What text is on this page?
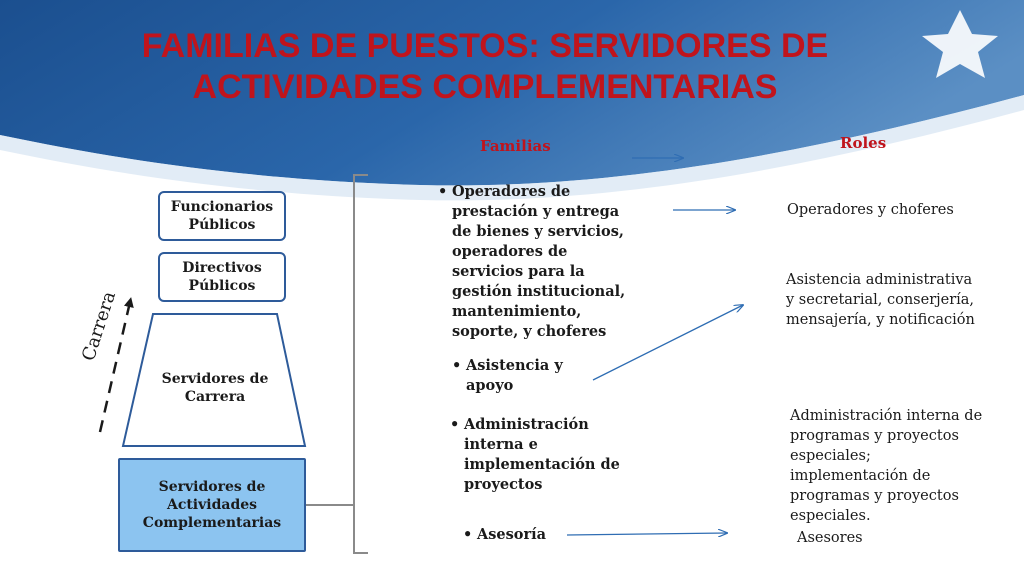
FAMILIAS DE PUESTOS: SERVIDORES DE
ACTIVIDADES COMPLEMENTARIAS
Familias	Roles
Funcionarios
Públicos
Directivos
Públicos
Servidores de
Carrera
Servidores de
Actividades
Complementarias
Carrera
• Operadores de
prestación y entrega
de bienes y servicios,
operadores de
servicios para la
gestión institucional,
mantenimiento,
soporte, y choferes
• Asistencia y
apoyo
• Administración
interna e
implementación de
proyectos
• Asesoría
Operadores y choferes
Asistencia administrativa
y secretarial, conserjería,
mensajería, y notificación
Administración interna de
programas y proyectos
especiales;
implementación de
programas y proyectos
especiales.
Asesores
